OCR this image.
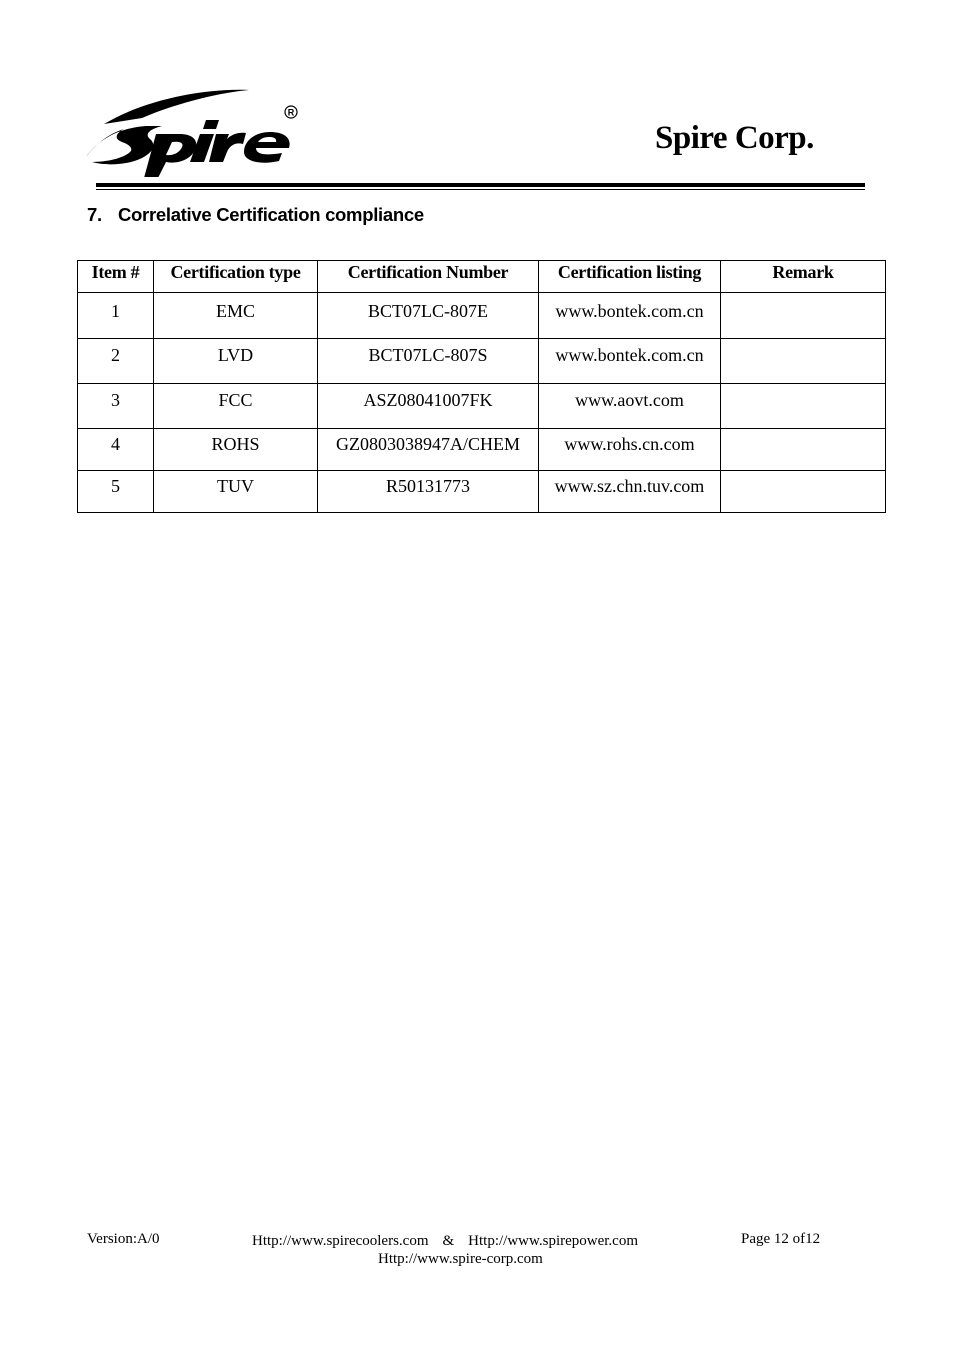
R
Spire Corp.
7. Correlative Certification compliance
Item #	Certification type	Certification Number	Certification listing	Remark
1	EMC	BCT07LC-807E	www.bontek.com.cn	
2	LVD	BCT07LC-807S	www.bontek.com.cn	
3	FCC	ASZ08041007FK	www.aovt.com	
4	ROHS	GZ0803038947A/CHEM	www.rohs.cn.com	
5	TUV	R50131773	www.sz.chn.tuv.com	
Version:A/0	Http://www.spirecoolers.com & Http://www.spirepower.com	Page 12 of12
Http://www.spire-corp.com
